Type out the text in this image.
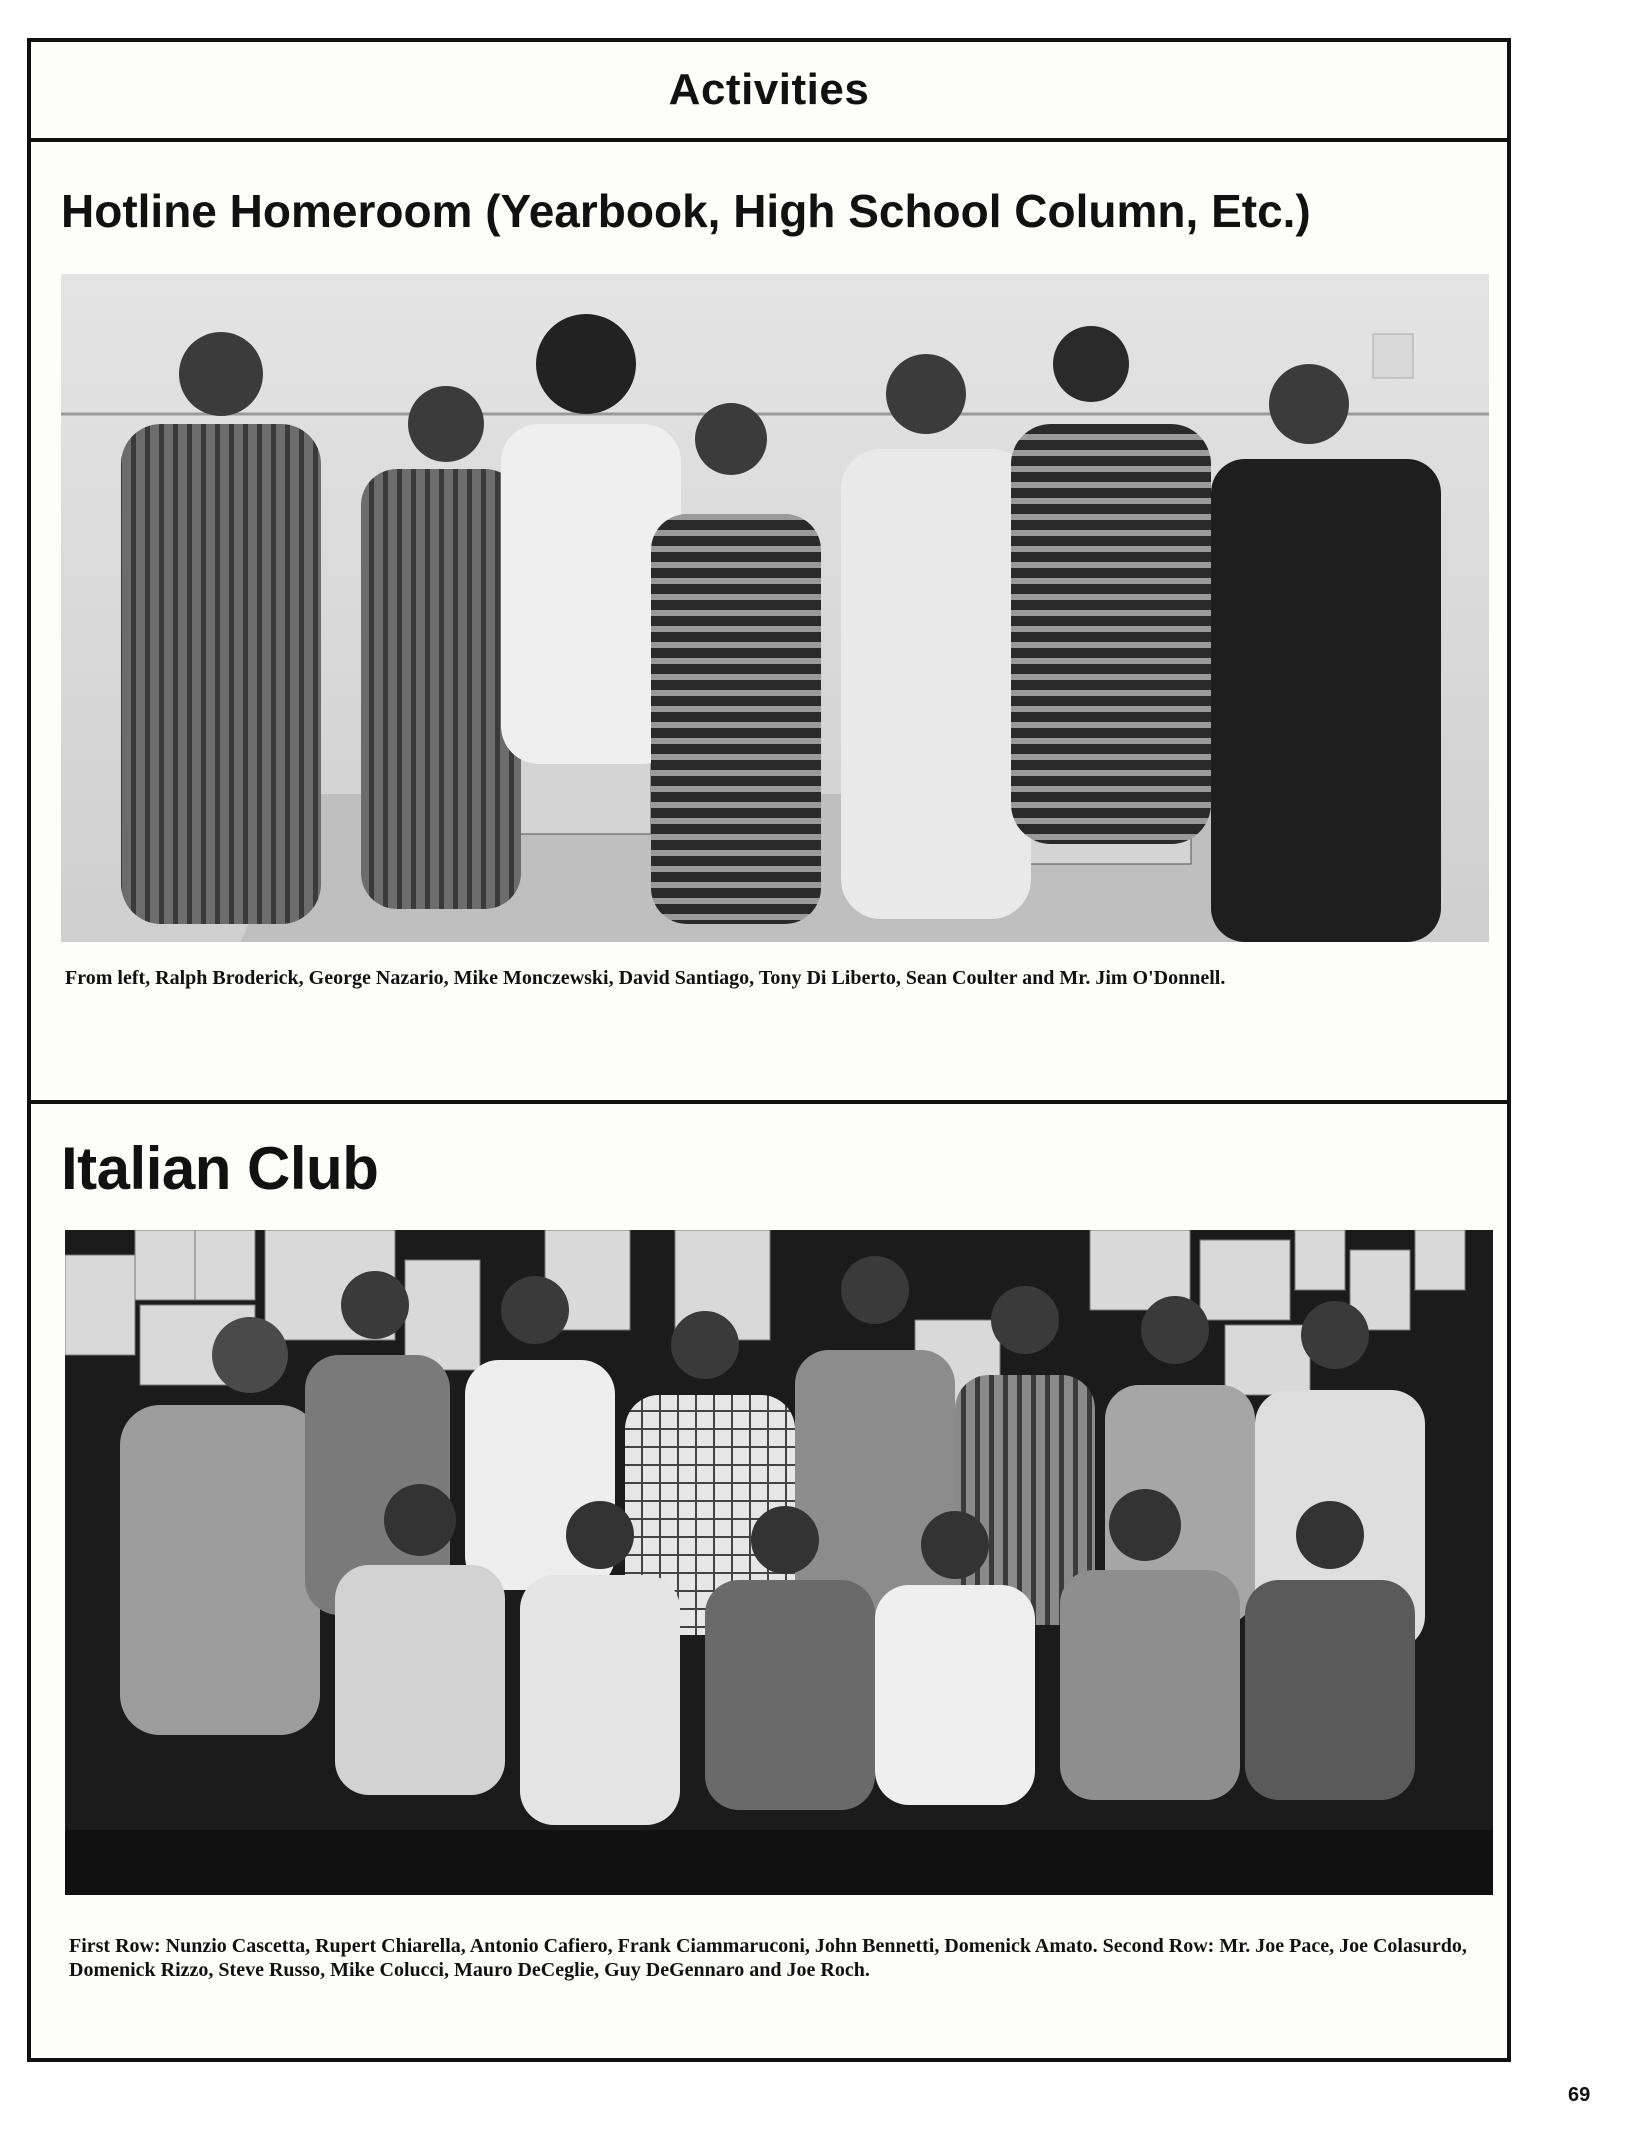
Activities
Hotline Homeroom (Yearbook, High School Column, Etc.)

From left, Ralph Broderick, George Nazario, Mike Monczewski, David Santiago, Tony Di Liberto, Sean Coulter and Mr. Jim O'Donnell.

Italian Club

First Row: Nunzio Cascetta, Rupert Chiarella, Antonio Cafiero, Frank Ciammaruconi, John Bennetti, Domenick Amato. Second Row: Mr. Joe Pace, Joe Colasurdo, Domenick Rizzo, Steve Russo, Mike Colucci, Mauro DeCeglie, Guy DeGennaro and Joe Roch.

69
